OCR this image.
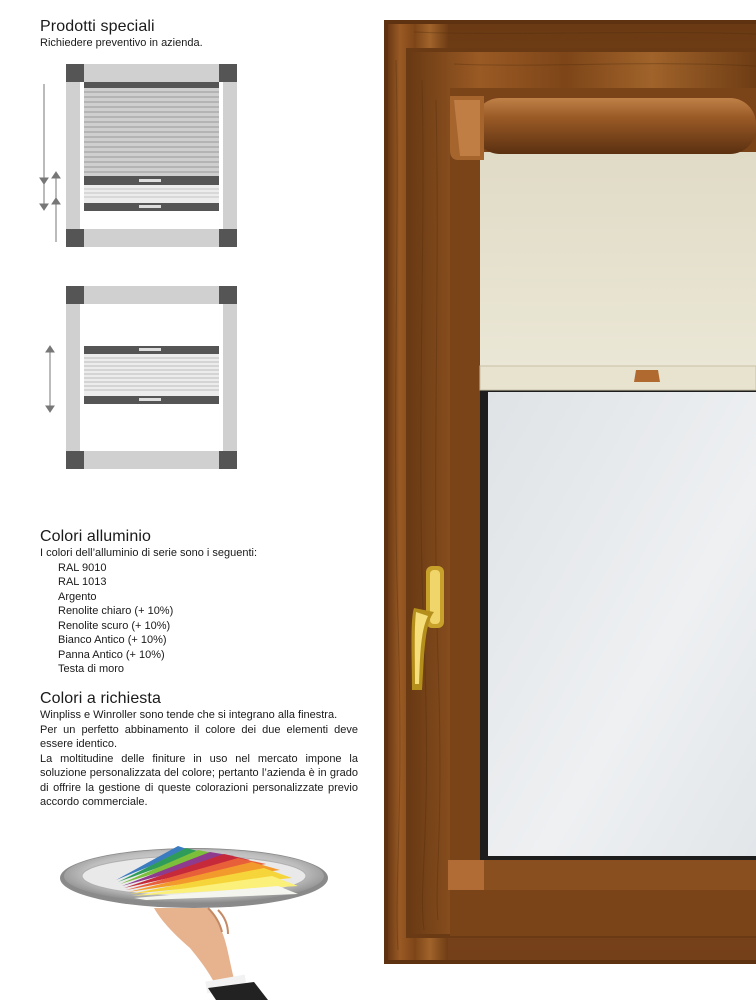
Prodotti speciali
Richiedere preventivo in azienda.
Colori alluminio
I colori dell’alluminio di serie sono i seguenti:
RAL 9010
RAL 1013
Argento
Renolite chiaro (+ 10%)
Renolite scuro (+ 10%)
Bianco Antico (+ 10%)
Panna Antico (+ 10%)
Testa di moro
Colori a richiesta

Winpliss e Winroller sono tende che si integrano alla finestra.

Per un perfetto abbinamento il colore dei due elementi deve essere identico.

La moltitudine delle finiture in uso nel mercato impone la soluzione personalizzata del colore; pertanto l’azienda è in grado di offrire la gestione di queste colorazioni personalizzate previo accordo commerciale.
